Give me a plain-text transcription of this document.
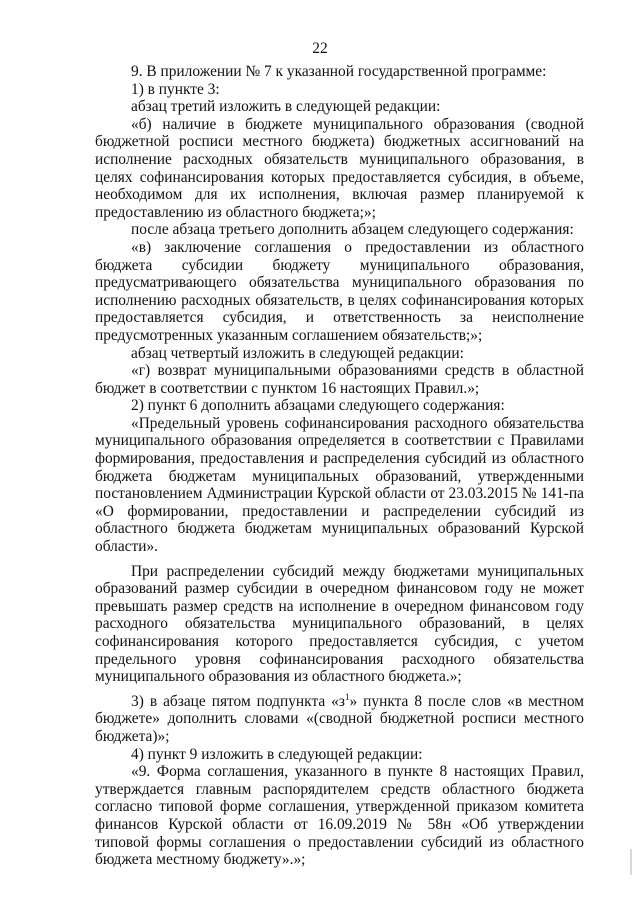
22

9. В приложении № 7 к указанной государственной программе:

1) в пункте 3:

абзац третий изложить в следующей редакции:

«б) наличие в бюджете муниципального образования (сводной бюджетной росписи местного бюджета) бюджетных ассигнований на исполнение расходных обязательств муниципального образования, в целях софинансирования которых предоставляется субсидия, в объеме, необходимом для их исполнения, включая размер планируемой к предоставлению из областного бюджета;»;

после абзаца третьего дополнить абзацем следующего содержания:

«в) заключение соглашения о предоставлении из областного бюджета субсидии бюджету муниципального образования, предусматривающего обязательства муниципального образования по исполнению расходных обязательств, в целях софинансирования которых предоставляется субсидия, и ответственность за неисполнение предусмотренных указанным соглашением обязательств;»;

абзац четвертый изложить в следующей редакции:

«г) возврат муниципальными образованиями средств в областной бюджет в соответствии с пунктом 16 настоящих Правил.»;

2) пункт 6 дополнить абзацами следующего содержания:

«Предельный уровень софинансирования расходного обязательства муниципального образования определяется в соответствии с Правилами формирования, предоставления и распределения субсидий из областного бюджета бюджетам муниципальных образований, утвержденными постановлением Администрации Курской области от 23.03.2015 № 141-па «О формировании, предоставлении и распределении субсидий из областного бюджета бюджетам муниципальных образований Курской области».

При распределении субсидий между бюджетами муниципальных образований размер субсидии в очередном финансовом году не может превышать размер средств на исполнение в очередном финансовом году расходного обязательства муниципального образований, в целях софинансирования которого предоставляется субсидия, с учетом предельного уровня софинансирования расходного обязательства муниципального образования из областного бюджета.»;

3) в абзаце пятом подпункта «$з^1$» пункта 8 после слов «в местном бюджете» дополнить словами «(сводной бюджетной росписи местного бюджета)»;

4) пункт 9 изложить в следующей редакции:

«9. Форма соглашения, указанного в пункте 8 настоящих Правил, утверждается главным распорядителем средств областного бюджета согласно типовой форме соглашения, утвержденной приказом комитета финансов Курской области от 16.09.2019 № 58н «Об утверждении типовой формы соглашения о предоставлении субсидий из областного бюджета местному бюджету».»;
